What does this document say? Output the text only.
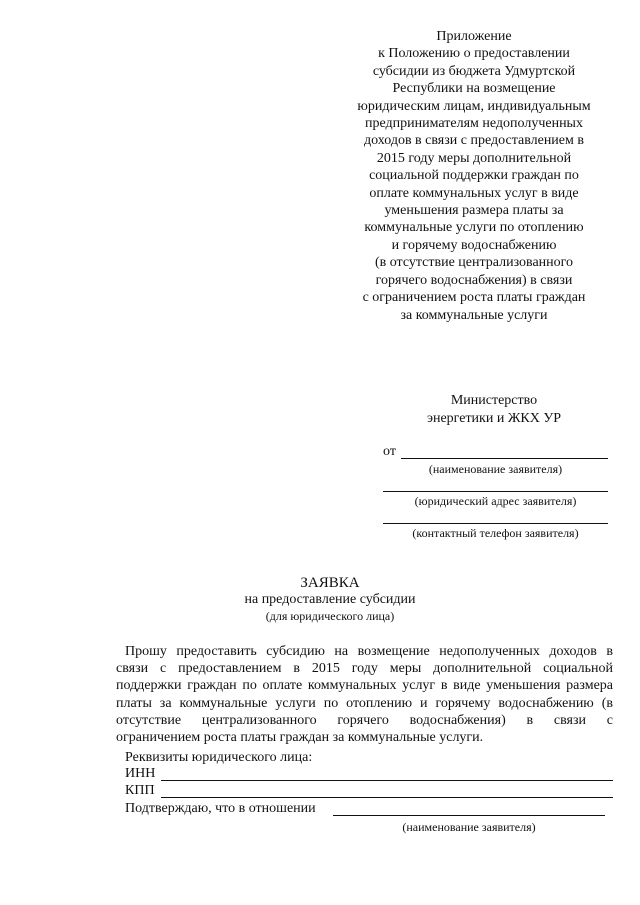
Приложение
к Положению о предоставлении
субсидии из бюджета Удмуртской
Республики на возмещение
юридическим лицам, индивидуальным
предпринимателям недополученных
доходов в связи с предоставлением в
2015 году меры дополнительной
социальной поддержки граждан по
оплате коммунальных услуг в виде
уменьшения размера платы за
коммунальные услуги по отоплению
и горячему водоснабжению
(в отсутствие централизованного
горячего водоснабжения) в связи
с ограничением роста платы граждан
за коммунальные услуги
Министерство
энергетики и ЖКХ УР
от
(наименование заявителя)
(юридический адрес заявителя)
(контактный телефон заявителя)
ЗАЯВКА
на предоставление субсидии
(для юридического лица)
Прошу предоставить субсидию на возмещение недополученных доходов в
связи с предоставлением в 2015 году меры дополнительной социальной
поддержки граждан по оплате коммунальных услуг в виде уменьшения размера
платы за коммунальные услуги по отоплению и горячему водоснабжению (в
отсутствие централизованного горячего водоснабжения) в связи с
ограничением роста платы граждан за коммунальные услуги.
Реквизиты юридического лица:
ИНН
КПП
Подтверждаю, что в отношении
(наименование заявителя)
